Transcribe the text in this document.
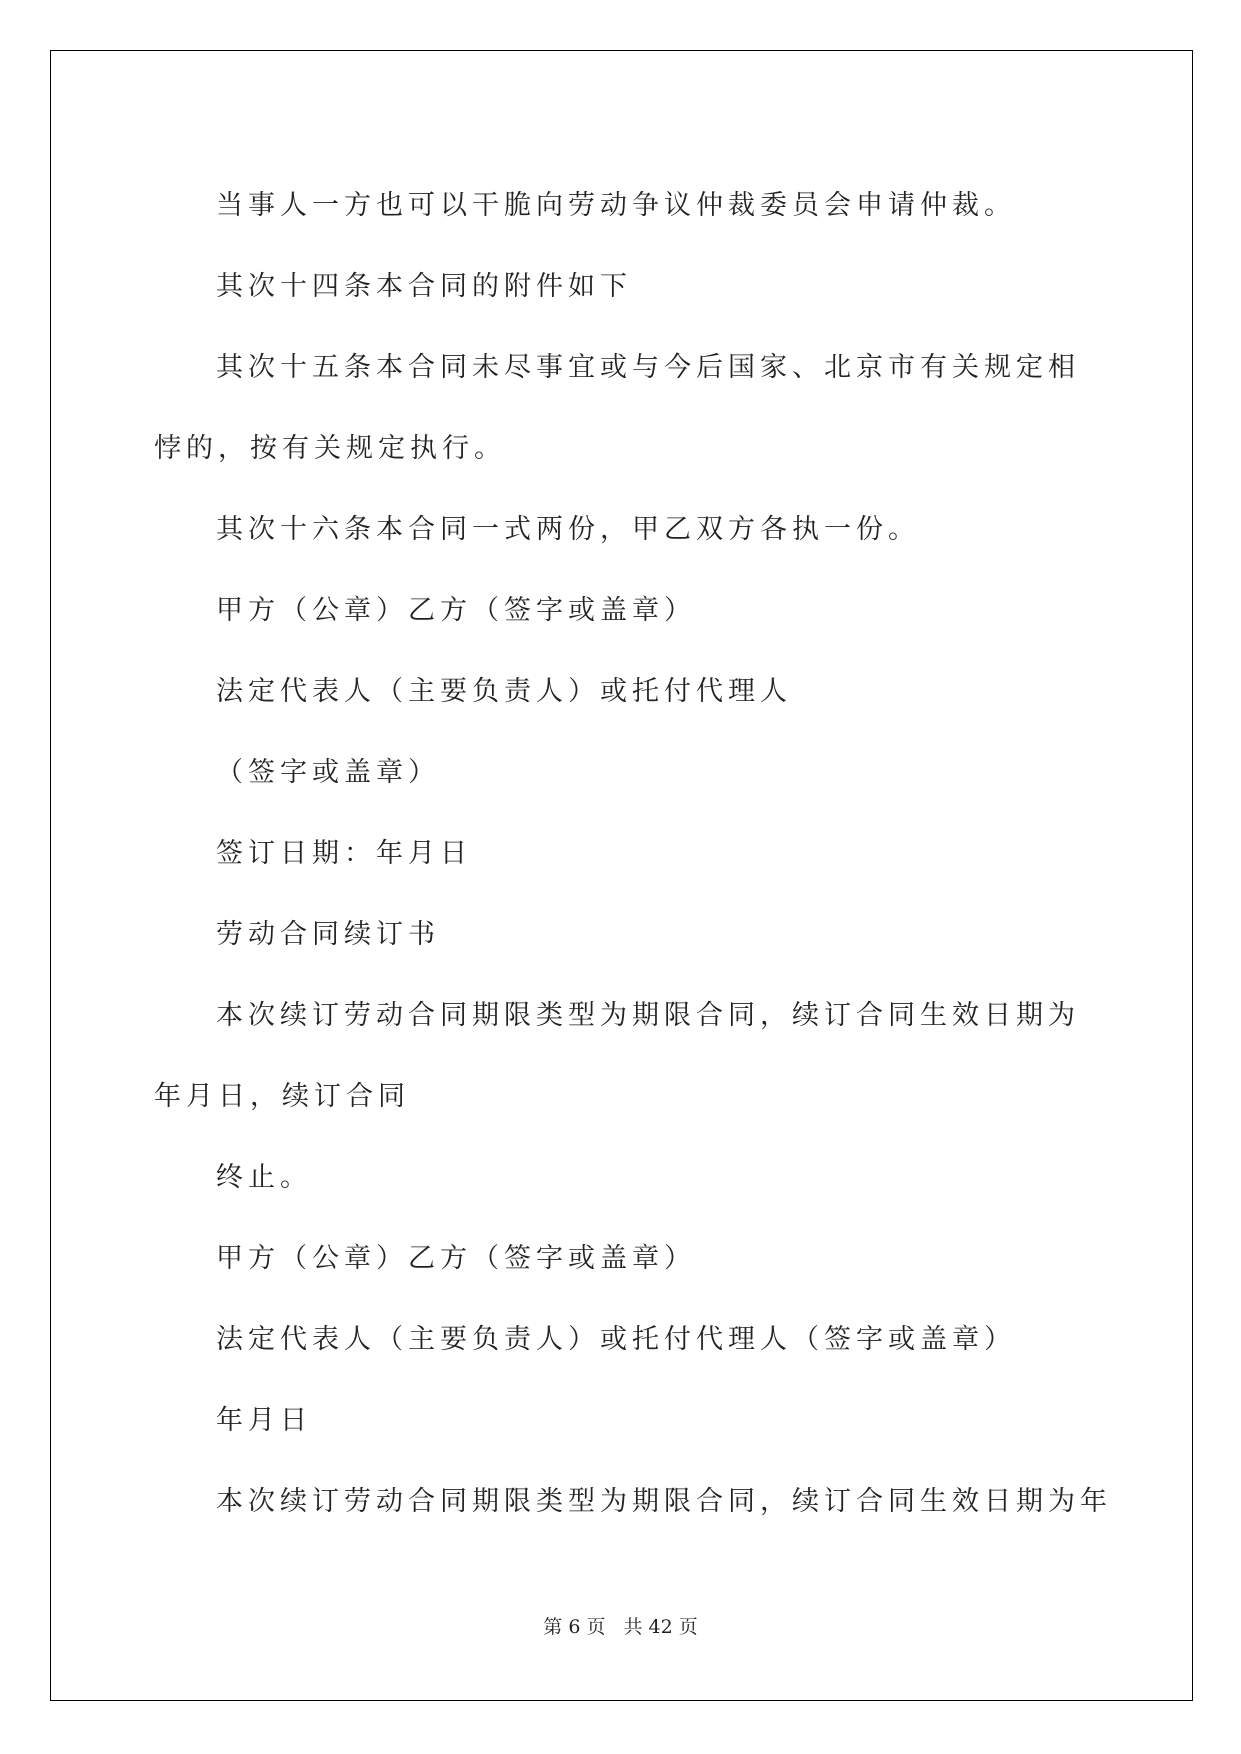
当事人一方也可以干脆向劳动争议仲裁委员会申请仲裁。

其次十四条本合同的附件如下

其次十五条本合同未尽事宜或与今后国家、北京市有关规定相悖的，按有关规定执行。

其次十六条本合同一式两份，甲乙双方各执一份。

甲方（公章）乙方（签字或盖章）

法定代表人（主要负责人）或托付代理人

（签字或盖章）

签订日期：年月日

劳动合同续订书

本次续订劳动合同期限类型为期限合同，续订合同生效日期为年月日，续订合同

终止。

甲方（公章）乙方（签字或盖章）

法定代表人（主要负责人）或托付代理人（签字或盖章）

年月日

本次续订劳动合同期限类型为期限合同，续订合同生效日期为年

第 6 页 共 42 页
